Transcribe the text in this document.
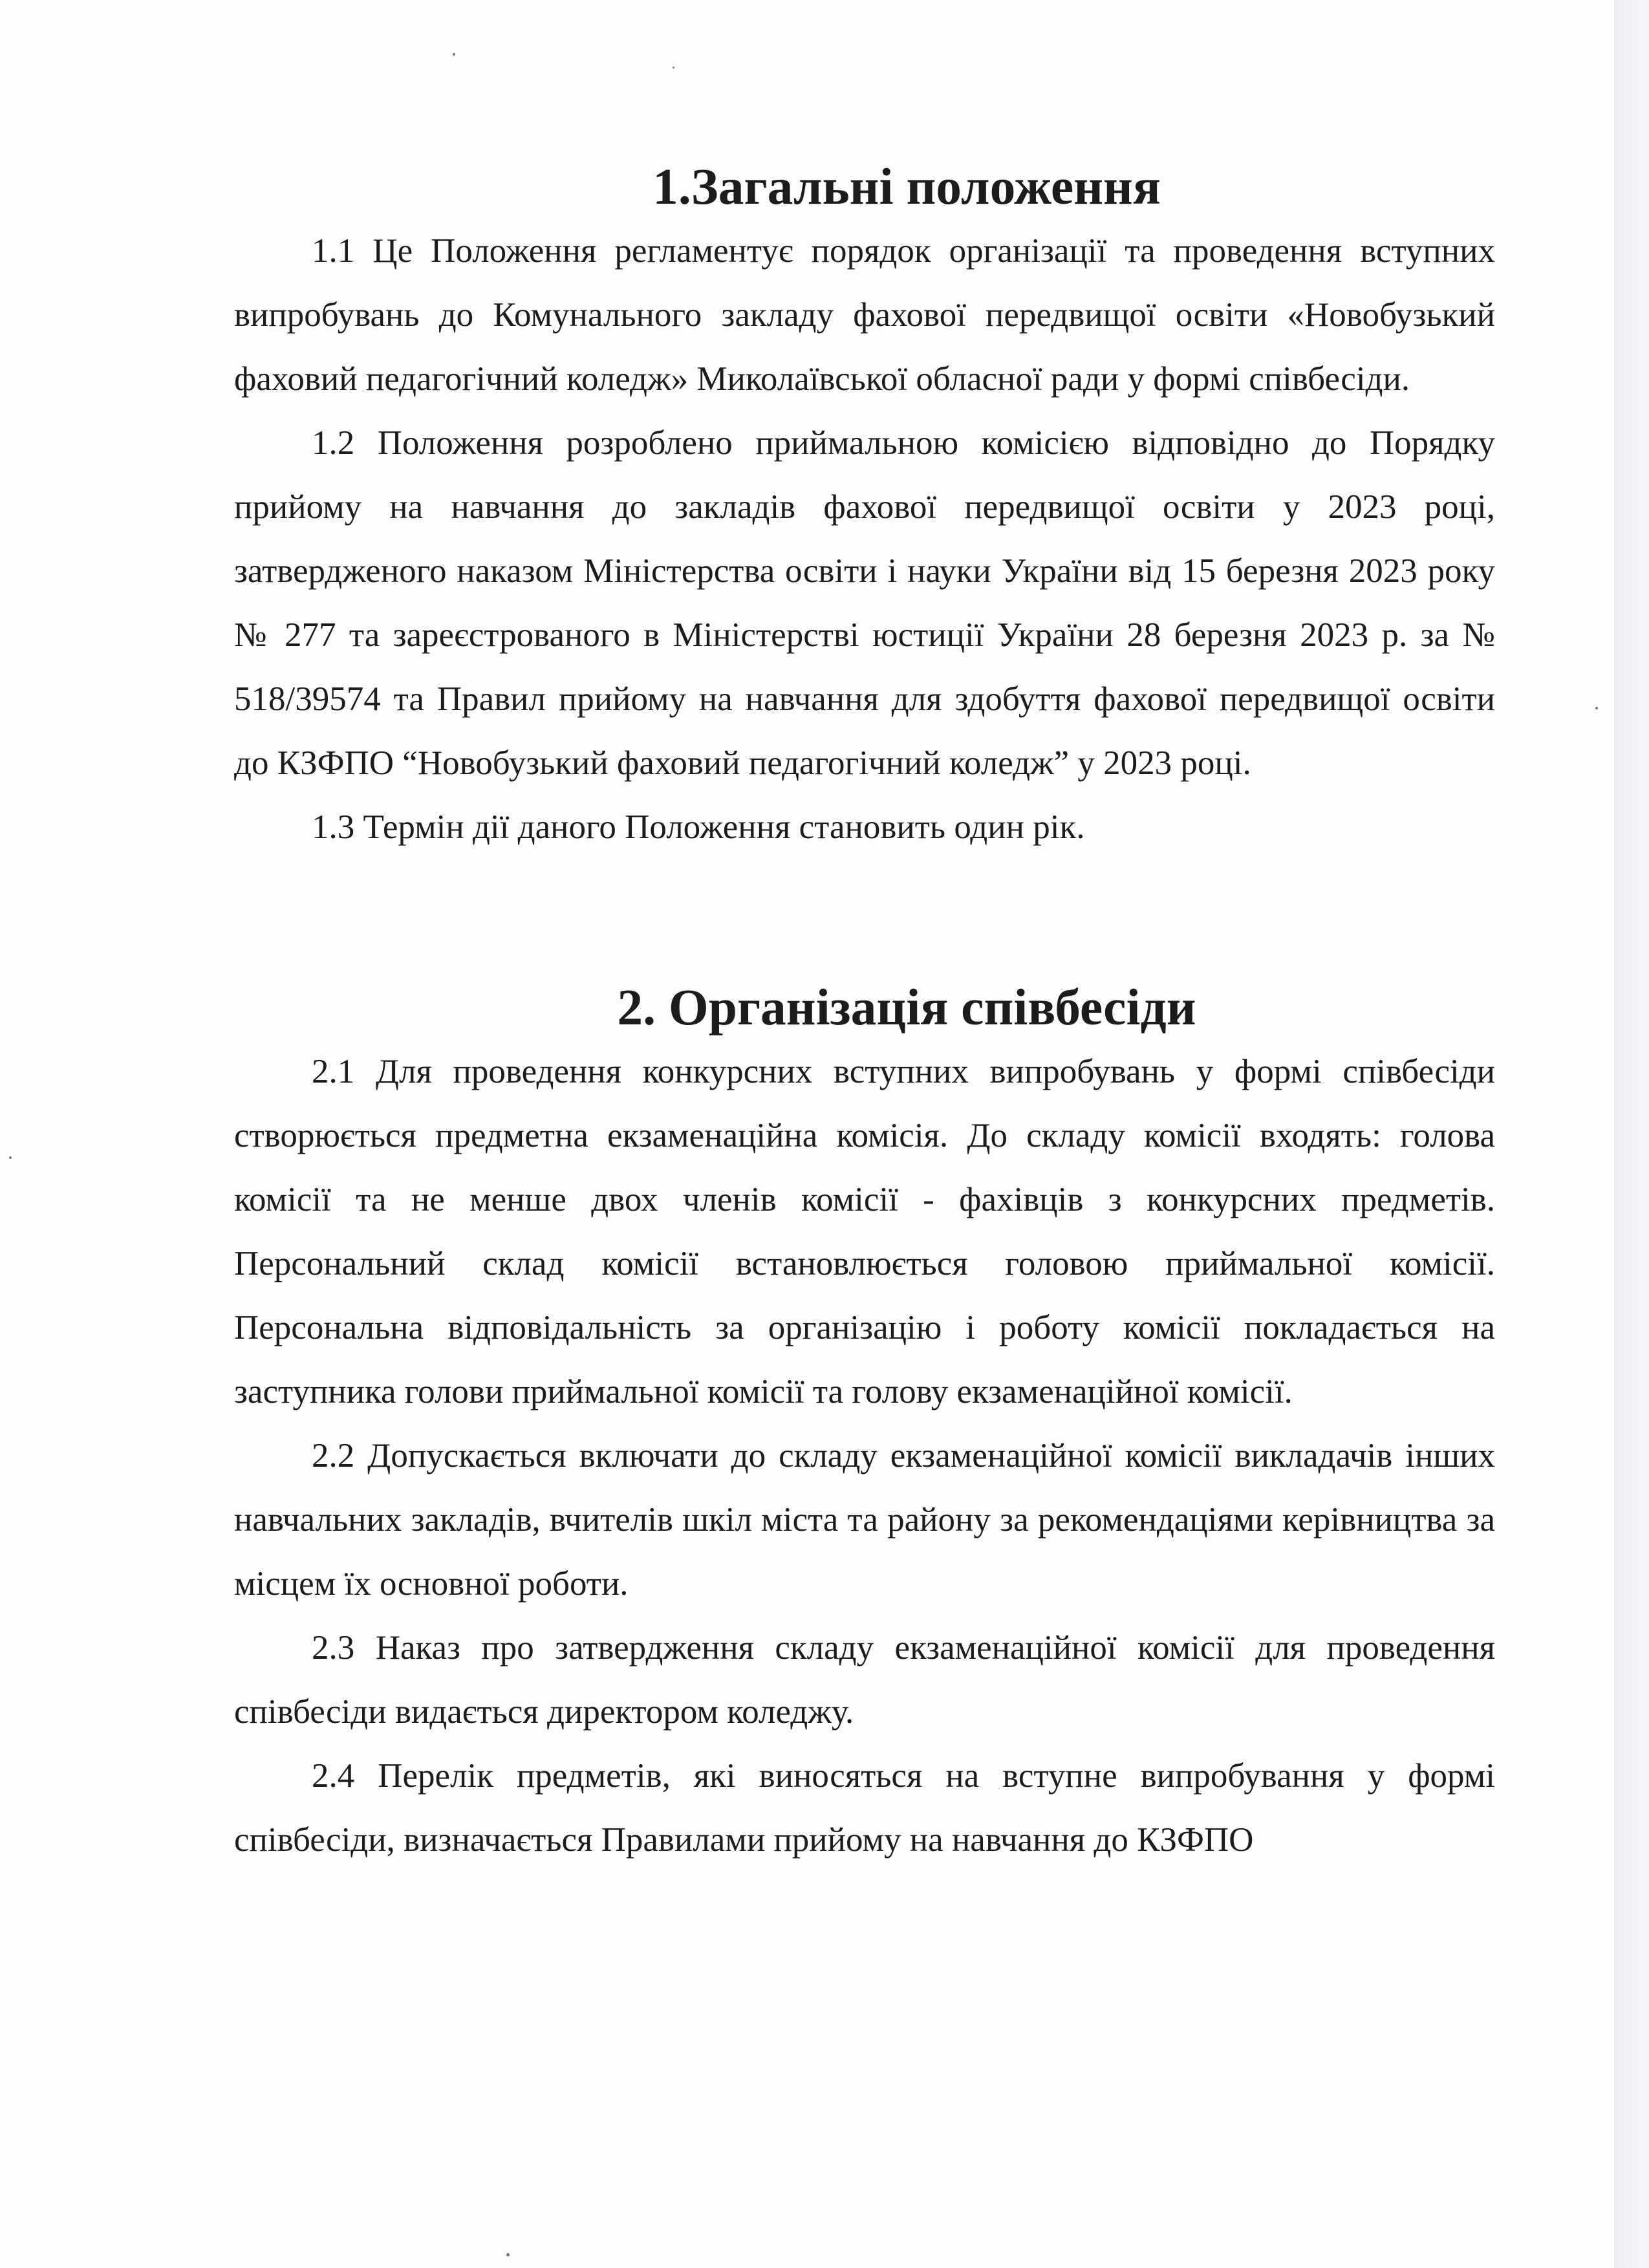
1.Загальні положення

1.1 Це Положення регламентує порядок організації та проведення вступних випробувань до Комунального закладу фахової передвищої освіти «Новобузький фаховий педагогічний коледж» Миколаївської обласної ради у формі співбесіди.

1.2 Положення розроблено приймальною комісією відповідно до Порядку прийому на навчання до закладів фахової передвищої освіти у 2023 році, затвердженого наказом Міністерства освіти і науки України від 15 березня 2023 року № 277 та зареєстрованого в Міністерстві юстиції України 28 березня 2023 р. за № 518/39574 та Правил прийому на навчання для здобуття фахової передвищої освіти до КЗФПО “Новобузький фаховий педагогічний коледж” у 2023 році.

1.3 Термін дії даного Положення становить один рік.

2. Організація співбесіди

2.1 Для проведення конкурсних вступних випробувань у формі співбесіди створюється предметна екзаменаційна комісія. До складу комісії входять: голова комісії та не менше двох членів комісії - фахівців з конкурсних предметів. Персональний склад комісії встановлюється головою приймальної комісії. Персональна відповідальність за організацію і роботу комісії покладається на заступника голови приймальної комісії та голову екзаменаційної комісії.

2.2 Допускається включати до складу екзаменаційної комісії викладачів інших навчальних закладів, вчителів шкіл міста та району за рекомендаціями керівництва за місцем їх основної роботи.

2.3 Наказ про затвердження складу екзаменаційної комісії для проведення співбесіди видається директором коледжу.

2.4 Перелік предметів, які виносяться на вступне випробування у формі співбесіди, визначається Правилами прийому на навчання до КЗФПО
